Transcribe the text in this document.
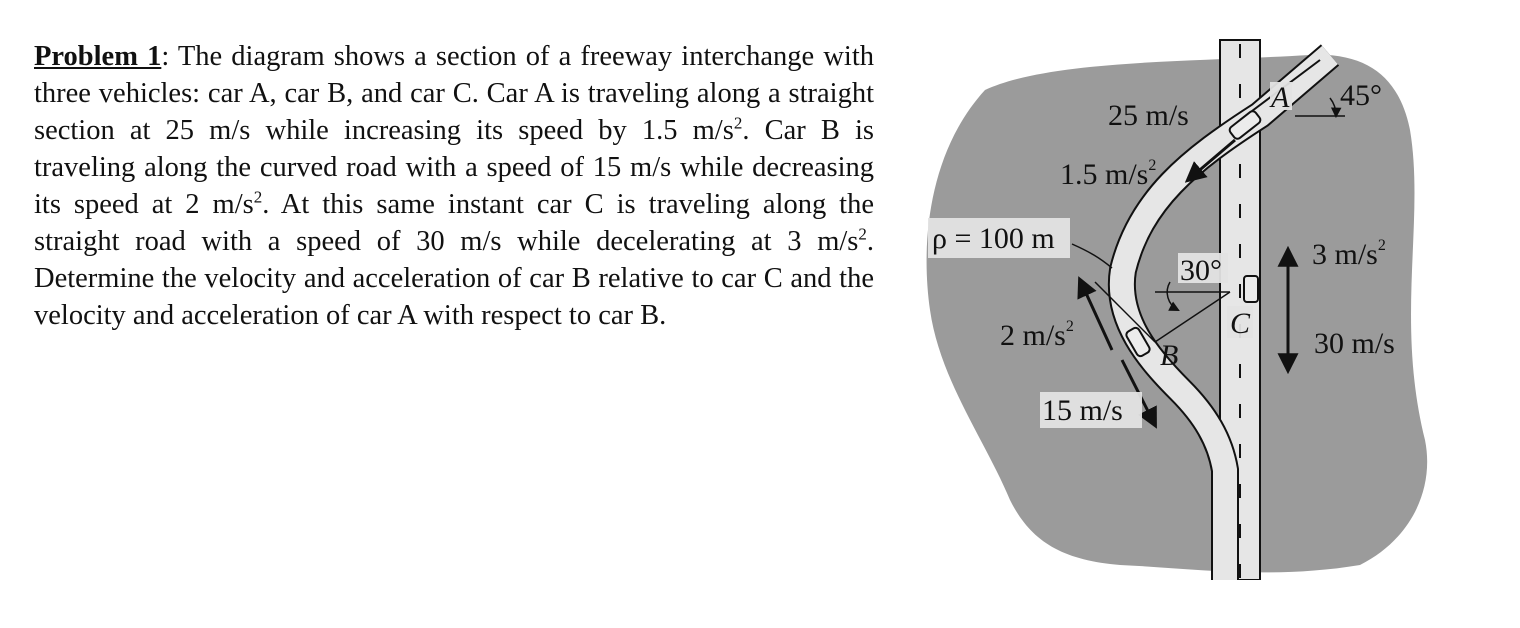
Problem 1: The diagram shows a section of a freeway interchange with three vehicles: car A, car B, and car C. Car A is traveling along a straight section at 25 m/s while increasing its speed by 1.5 $m/s^2$. Car B is traveling along the curved road with a speed of 15 m/s while decreasing its speed at 2 $m/s^2$. At this same instant car C is traveling along the straight road with a speed of 30 m/s while decelerating at 3 $m/s^2$. Determine the velocity and acceleration of car B relative to car C and the velocity and acceleration of car A with respect to car B.
A 45°
25 m/s
1.5 $m/s^2$
ρ = 100 m
30°
B
2 $m/s^2$
15 m/s
C
3 $m/s^2$
30 m/s
